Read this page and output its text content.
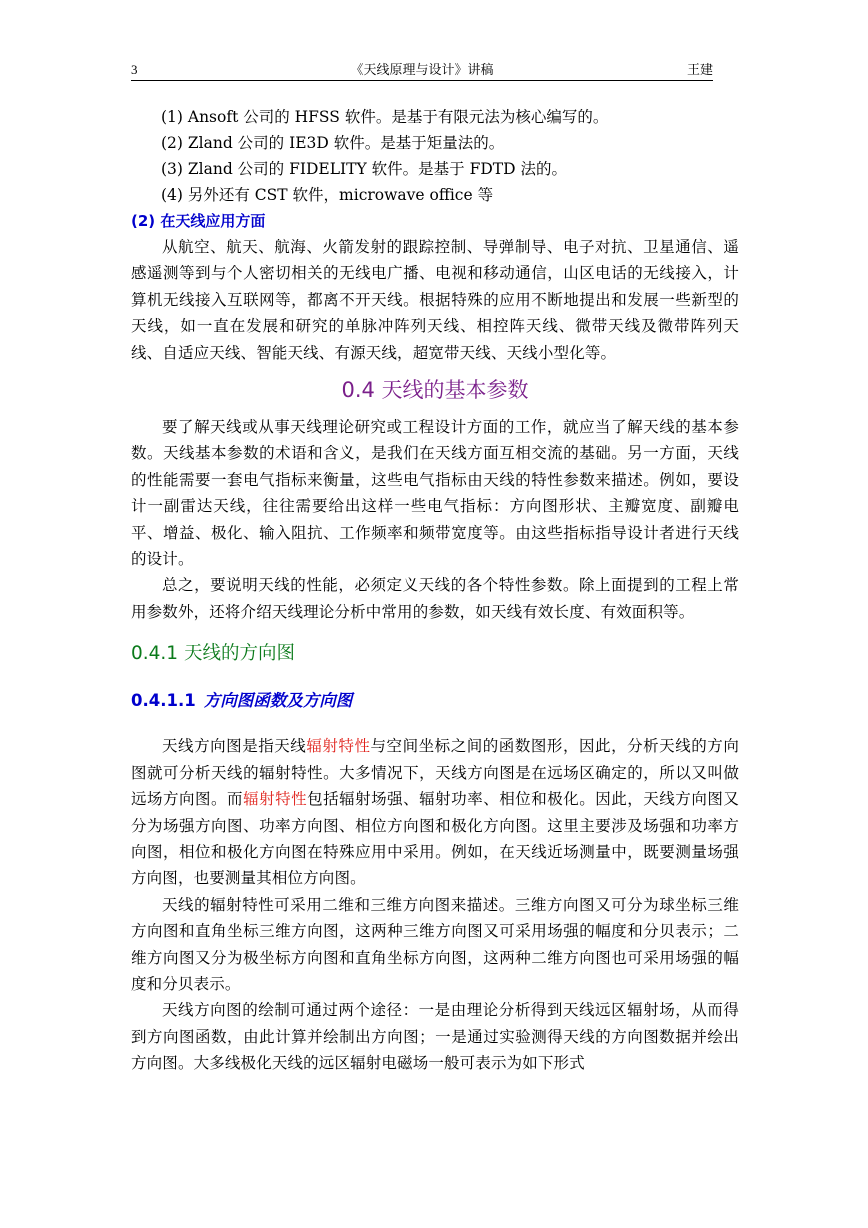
3	《天线原理与设计》讲稿	王建
(1) Ansoft 公司的 HFSS 软件。是基于有限元法为核心编写的。
(2) Zland 公司的 IE3D 软件。是基于矩量法的。
(3) Zland 公司的 FIDELITY 软件。是基于 FDTD 法的。
(4) 另外还有 CST 软件，microwave office 等
(2) 在天线应用方面

从航空、航天、航海、火箭发射的跟踪控制、导弹制导、电子对抗、卫星通信、遥感遥测等到与个人密切相关的无线电广播、电视和移动通信，山区电话的无线接入，计算机无线接入互联网等，都离不开天线。根据特殊的应用不断地提出和发展一些新型的天线，如一直在发展和研究的单脉冲阵列天线、相控阵天线、微带天线及微带阵列天线、自适应天线、智能天线、有源天线，超宽带天线、天线小型化等。

0.4 天线的基本参数

要了解天线或从事天线理论研究或工程设计方面的工作，就应当了解天线的基本参数。天线基本参数的术语和含义，是我们在天线方面互相交流的基础。另一方面，天线的性能需要一套电气指标来衡量，这些电气指标由天线的特性参数来描述。例如，要设计一副雷达天线，往往需要给出这样一些电气指标：方向图形状、主瓣宽度、副瓣电平、增益、极化、输入阻抗、工作频率和频带宽度等。由这些指标指导设计者进行天线的设计。

总之，要说明天线的性能，必须定义天线的各个特性参数。除上面提到的工程上常用参数外，还将介绍天线理论分析中常用的参数，如天线有效长度、有效面积等。

0.4.1 天线的方向图
0.4.1.1 方向图函数及方向图

天线方向图是指天线辐射特性与空间坐标之间的函数图形，因此，分析天线的方向图就可分析天线的辐射特性。大多情况下，天线方向图是在远场区确定的，所以又叫做远场方向图。而辐射特性包括辐射场强、辐射功率、相位和极化。因此，天线方向图又分为场强方向图、功率方向图、相位方向图和极化方向图。这里主要涉及场强和功率方向图，相位和极化方向图在特殊应用中采用。例如，在天线近场测量中，既要测量场强方向图，也要测量其相位方向图。

天线的辐射特性可采用二维和三维方向图来描述。三维方向图又可分为球坐标三维方向图和直角坐标三维方向图，这两种三维方向图又可采用场强的幅度和分贝表示；二维方向图又分为极坐标方向图和直角坐标方向图，这两种二维方向图也可采用场强的幅度和分贝表示。

天线方向图的绘制可通过两个途径：一是由理论分析得到天线远区辐射场，从而得到方向图函数，由此计算并绘制出方向图；一是通过实验测得天线的方向图数据并绘出方向图。大多线极化天线的远区辐射电磁场一般可表示为如下形式
